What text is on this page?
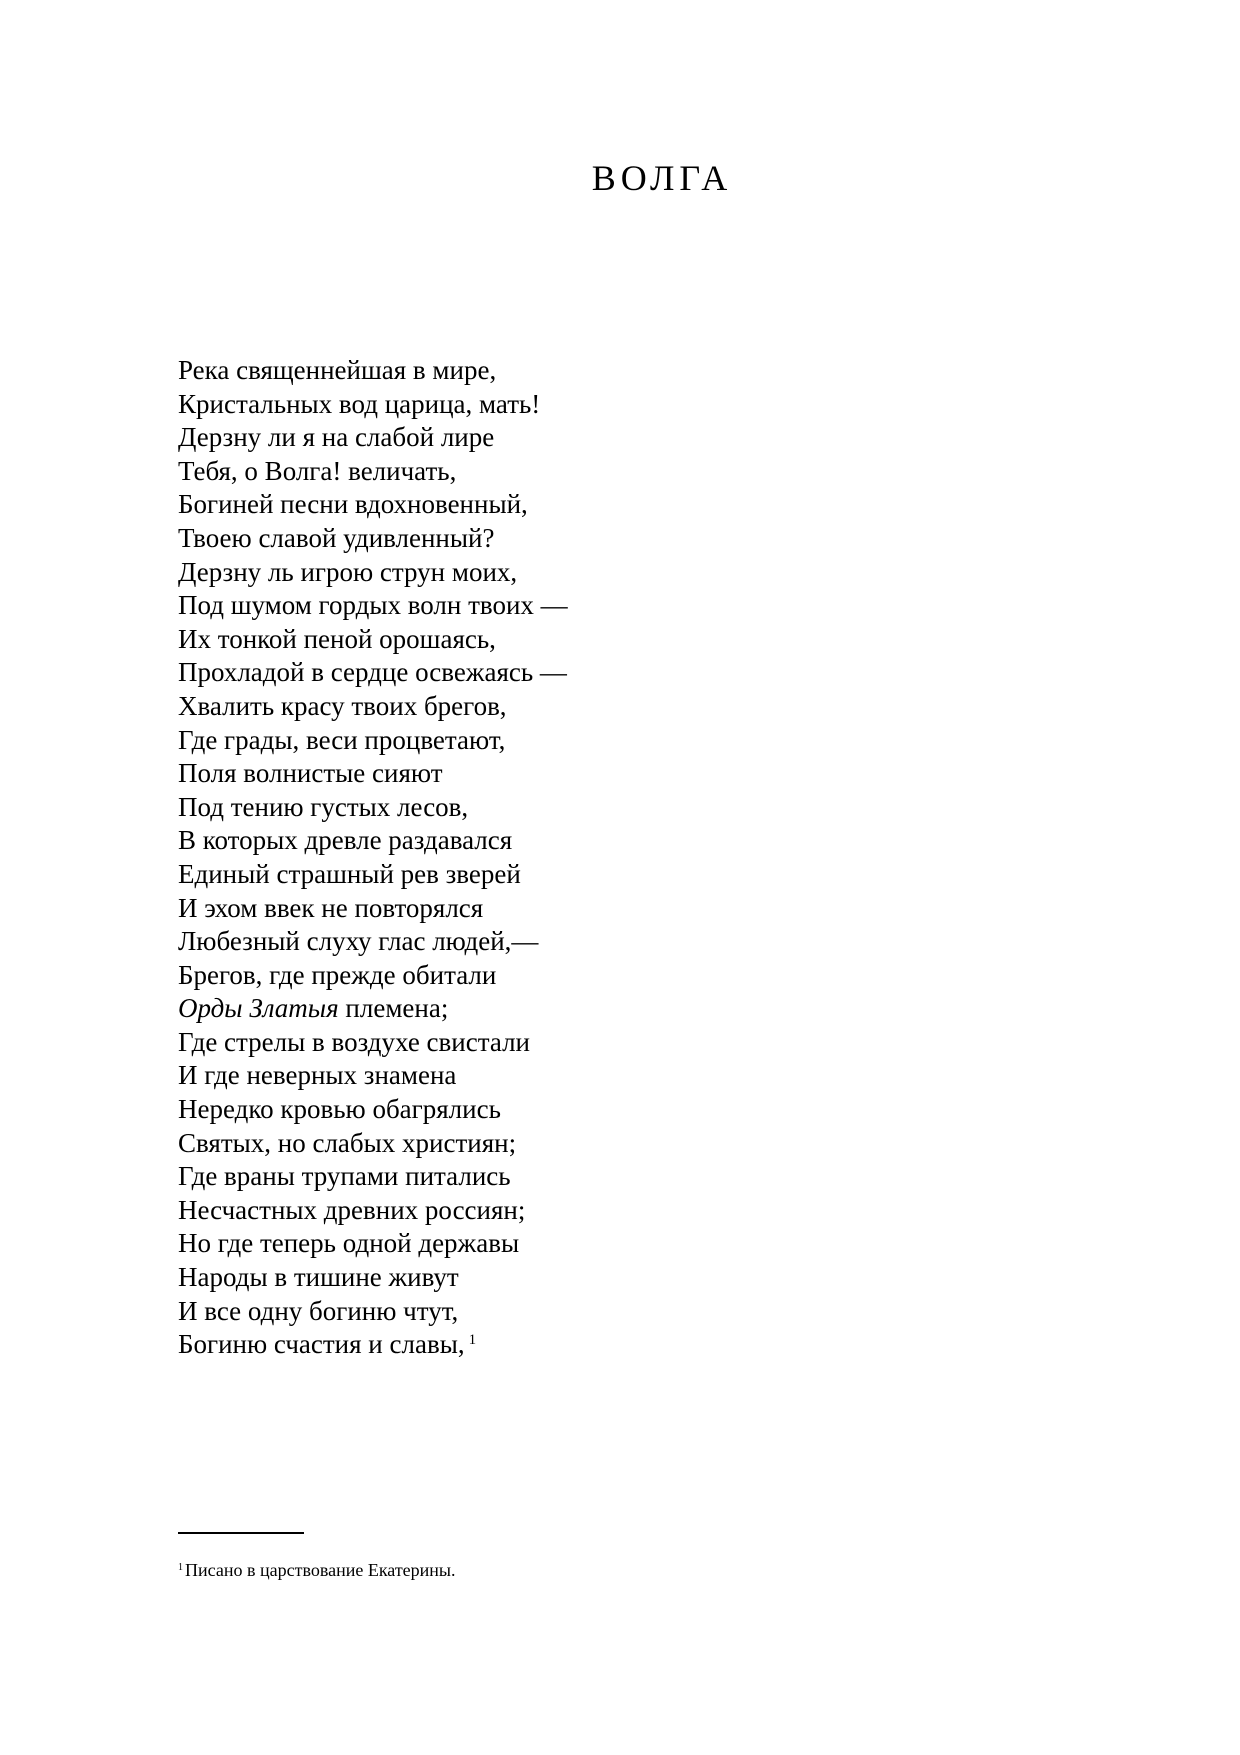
ВОЛГА
Река священнейшая в мире,
Кристальных вод царица, мать!
Дерзну ли я на слабой лире
Тебя, о Волга! величать,
Богиней песни вдохновенный,
Твоею славой удивленный?
Дерзну ль игрою струн моих,
Под шумом гордых волн твоих —
Их тонкой пеной орошаясь,
Прохладой в сердце освежаясь —
Хвалить красу твоих брегов,
Где грады, веси процветают,
Поля волнистые сияют
Под тению густых лесов,
В которых древле раздавался
Единый страшный рев зверей
И эхом ввек не повторялся
Любезный слуху глас людей,—
Брегов, где прежде обитали
Орды Златыя племена;
Где стрелы в воздухе свистали
И где неверных знамена
Нередко кровью обагрялись
Святых, но слабых християн;
Где враны трупами питались
Несчастных древних россиян;
Но где теперь одной державы
Народы в тишине живут
И все одну богиню чтут,
Богиню счастия и славы, $^1$
$^1$ Писано в царствование Екатерины.
